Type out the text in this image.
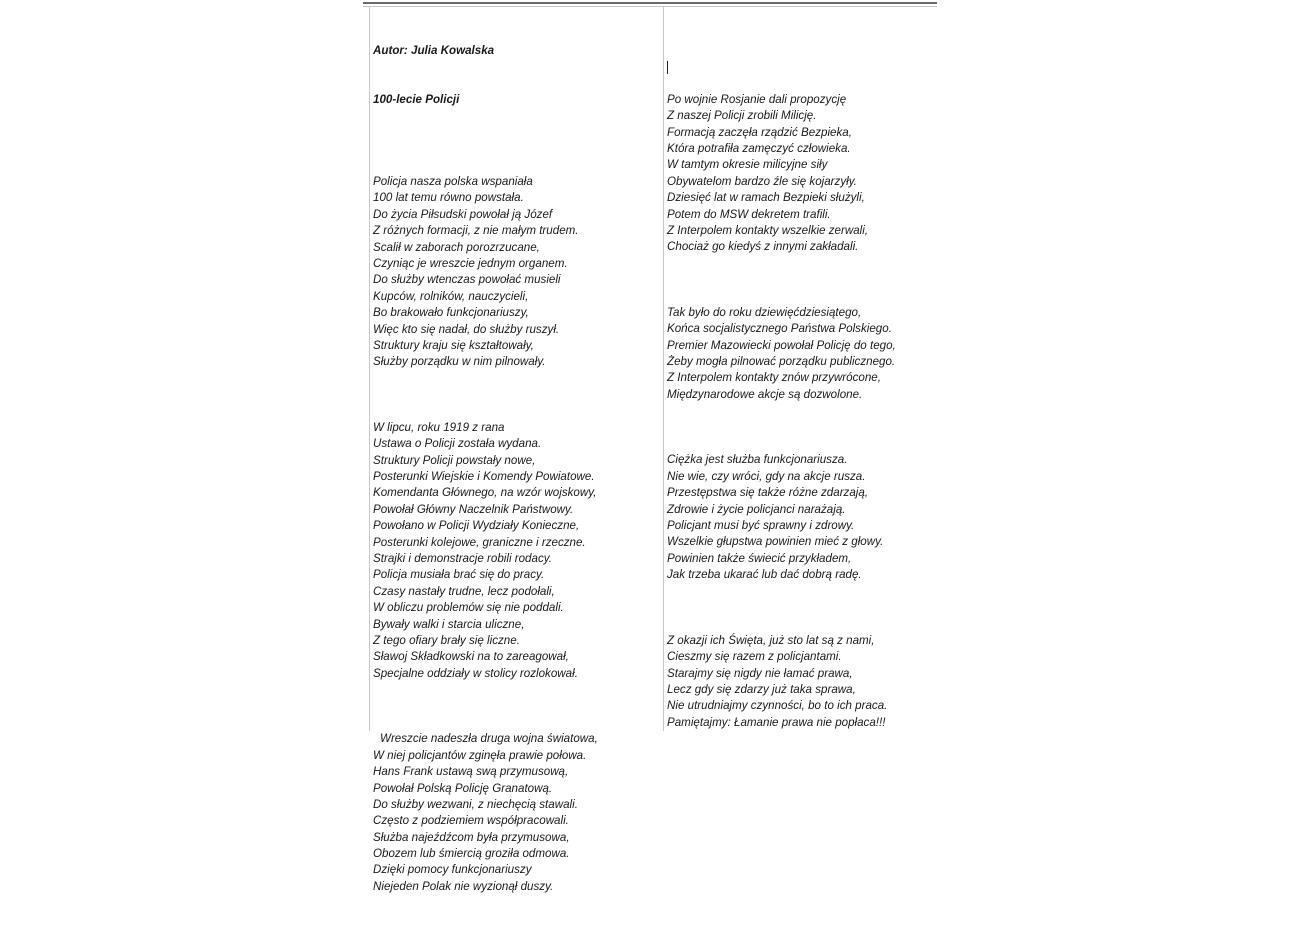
Autor: Julia Kowalska

100-lecie Policji

Policja nasza polska wspaniała
100 lat temu równo powstała.
Do życia Piłsudski powołał ją Józef
Z różnych formacji, z nie małym trudem.
Scalił w zaborach porozrzucane,
Czyniąc je wreszcie jednym organem.
Do służby wtenczas powołać musieli
Kupców, rolników, nauczycieli,
Bo brakowało funkcjonariuszy,
Więc kto się nadał, do służby ruszył.
Struktury kraju się kształtowały,
Służby porządku w nim pilnowały.

W lipcu, roku 1919 z rana
Ustawa o Policji została wydana.
Struktury Policji powstały nowe,
Posterunki Wiejskie i Komendy Powiatowe.
Komendanta Głównego, na wzór wojskowy,
Powołał Główny Naczelnik Państwowy.
Powołano w Policji Wydziały Konieczne,
Posterunki kolejowe, graniczne i rzeczne.
Strajki i demonstracje robili rodacy.
Policja musiała brać się do pracy.
Czasy nastały trudne, lecz podołali,
W obliczu problemów się nie poddali.
Bywały walki i starcia uliczne,
Z tego ofiary brały się liczne.
Sławoj Składkowski na to zareagował,
Specjalne oddziały w stolicy rozlokował.

Wreszcie nadeszła druga wojna światowa,
W niej policjantów zginęła prawie połowa.
Hans Frank ustawą swą przymusową,
Powołał Polską Policję Granatową.
Do służby wezwani, z niechęcią stawali.
Często z podziemiem współpracowali.
Służba najeźdźcom była przymusowa,
Obozem lub śmiercią groziła odmowa.
Dzięki pomocy funkcjonariuszy
Niejeden Polak nie wyzionął duszy.

Po wojnie Rosjanie dali propozycję
Z naszej Policji zrobili Milicję.
Formacją zaczęła rządzić Bezpieka,
Która potrafiła zamęczyć człowieka.
W tamtym okresie milicyjne siły
Obywatelom bardzo źle się kojarzyły.
Dziesięć lat w ramach Bezpieki służyli,
Potem do MSW dekretem trafili.
Z Interpolem kontakty wszelkie zerwali,
Chociaż go kiedyś z innymi zakładali.

Tak było do roku dziewięćdziesiątego,
Końca socjalistycznego Państwa Polskiego.
Premier Mazowiecki powołał Policję do tego,
Żeby mogła pilnować porządku publicznego.
Z Interpolem kontakty znów przywrócone,
Międzynarodowe akcje są dozwolone.

Ciężka jest służba funkcjonariusza.
Nie wie, czy wróci, gdy na akcje rusza.
Przestępstwa się także różne zdarzają,
Zdrowie i życie policjanci narażają.
Policjant musi być sprawny i zdrowy.
Wszelkie głupstwa powinien mieć z głowy.
Powinien także świecić przykładem,
Jak trzeba ukarać lub dać dobrą radę.

Z okazji ich Święta, już sto lat są z nami,
Cieszmy się razem z policjantami.
Starajmy się nigdy nie łamać prawa,
Lecz gdy się zdarzy już taka sprawa,
Nie utrudniajmy czynności, bo to ich praca.
Pamiętajmy: Łamanie prawa nie popłaca!!!
